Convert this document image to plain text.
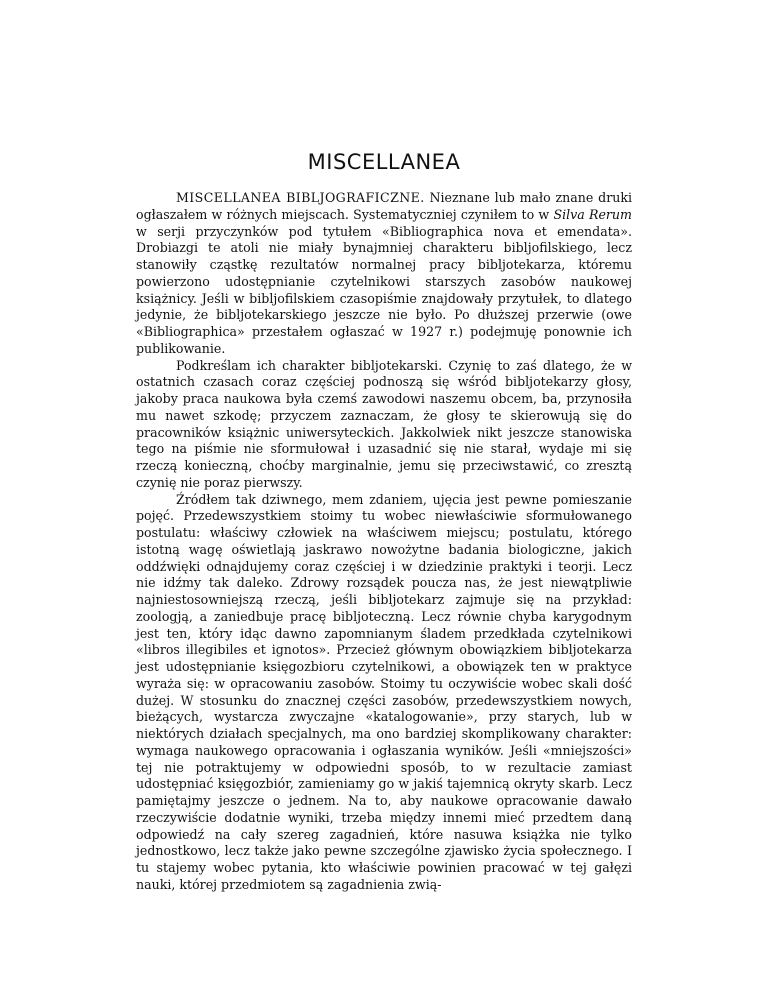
MISCELLANEA

MISCELLANEA BIBLJOGRAFICZNE. Nieznane lub mało znane druki ogłaszałem w różnych miejscach. Systematyczniej czyniłem to w Silva Rerum w serji przyczynków pod tytułem «Bibliographica nova et emendata». Drobiazgi te atoli nie miały bynajmniej charakteru bibljofilskiego, lecz stanowiły cząstkę rezultatów normalnej pracy bibljotekarza, któremu powierzono udostępnianie czytelnikowi starszych zasobów naukowej książnicy. Jeśli w bibljofilskiem czasopiśmie znajdowały przytułek, to dlatego jedynie, że bibljotekarskiego jeszcze nie było. Po dłuższej przerwie (owe «Bibliographica» przestałem ogłaszać w 1927 r.) podejmuję ponownie ich publikowanie.

Podkreślam ich charakter bibljotekarski. Czynię to zaś dlatego, że w ostatnich czasach coraz częściej podnoszą się wśród bibljotekarzy głosy, jakoby praca naukowa była czemś zawodowi naszemu obcem, ba, przynosiła mu nawet szkodę; przyczem zaznaczam, że głosy te skierowują się do pracowników książnic uniwersyteckich. Jakkolwiek nikt jeszcze stanowiska tego na piśmie nie sformułował i uzasadnić się nie starał, wydaje mi się rzeczą konieczną, choćby marginalnie, jemu się przeciwstawić, co zresztą czynię nie poraz pierwszy.

Źródłem tak dziwnego, mem zdaniem, ujęcia jest pewne pomieszanie pojęć. Przedewszystkiem stoimy tu wobec niewłaściwie sformułowanego postulatu: właściwy człowiek na właściwem miejscu; postulatu, którego istotną wagę oświetlają jaskrawo nowożytne badania biologiczne, jakich oddźwięki odnajdujemy coraz częściej i w dziedzinie praktyki i teorji. Lecz nie idźmy tak daleko. Zdrowy rozsądek poucza nas, że jest niewątpliwie najniestosowniejszą rzeczą, jeśli bibljotekarz zajmuje się na przykład: zoologją, a zaniedbuje pracę bibljoteczną. Lecz równie chyba karygodnym jest ten, który idąc dawno zapomnianym śladem przedkłada czytelnikowi «libros illegibiles et ignotos». Przecież głównym obowiązkiem bibljotekarza jest udostępnianie księgozbioru czytelnikowi, a obowiązek ten w praktyce wyraża się: w opracowaniu zasobów. Stoimy tu oczywiście wobec skali dość dużej. W stosunku do znacznej części zasobów, przedewszystkiem nowych, bieżących, wystarcza zwyczajne «katalogowanie», przy starych, lub w niektórych działach specjalnych, ma ono bardziej skomplikowany charakter: wymaga naukowego opracowania i ogłaszania wyników. Jeśli «mniejszości» tej nie potraktujemy w odpowiedni sposób, to w rezultacie zamiast udostępniać księgozbiór, zamieniamy go w jakiś tajemnicą okryty skarb. Lecz pamiętajmy jeszcze o jednem. Na to, aby naukowe opracowanie dawało rzeczywiście dodatnie wyniki, trzeba między innemi mieć przedtem daną odpowiedź na cały szereg zagadnień, które nasuwa książka nie tylko jednostkowo, lecz także jako pewne szczególne zjawisko życia społecznego. I tu stajemy wobec pytania, kto właściwie powinien pracować w tej gałęzi nauki, której przedmiotem są zagadnienia zwią-
